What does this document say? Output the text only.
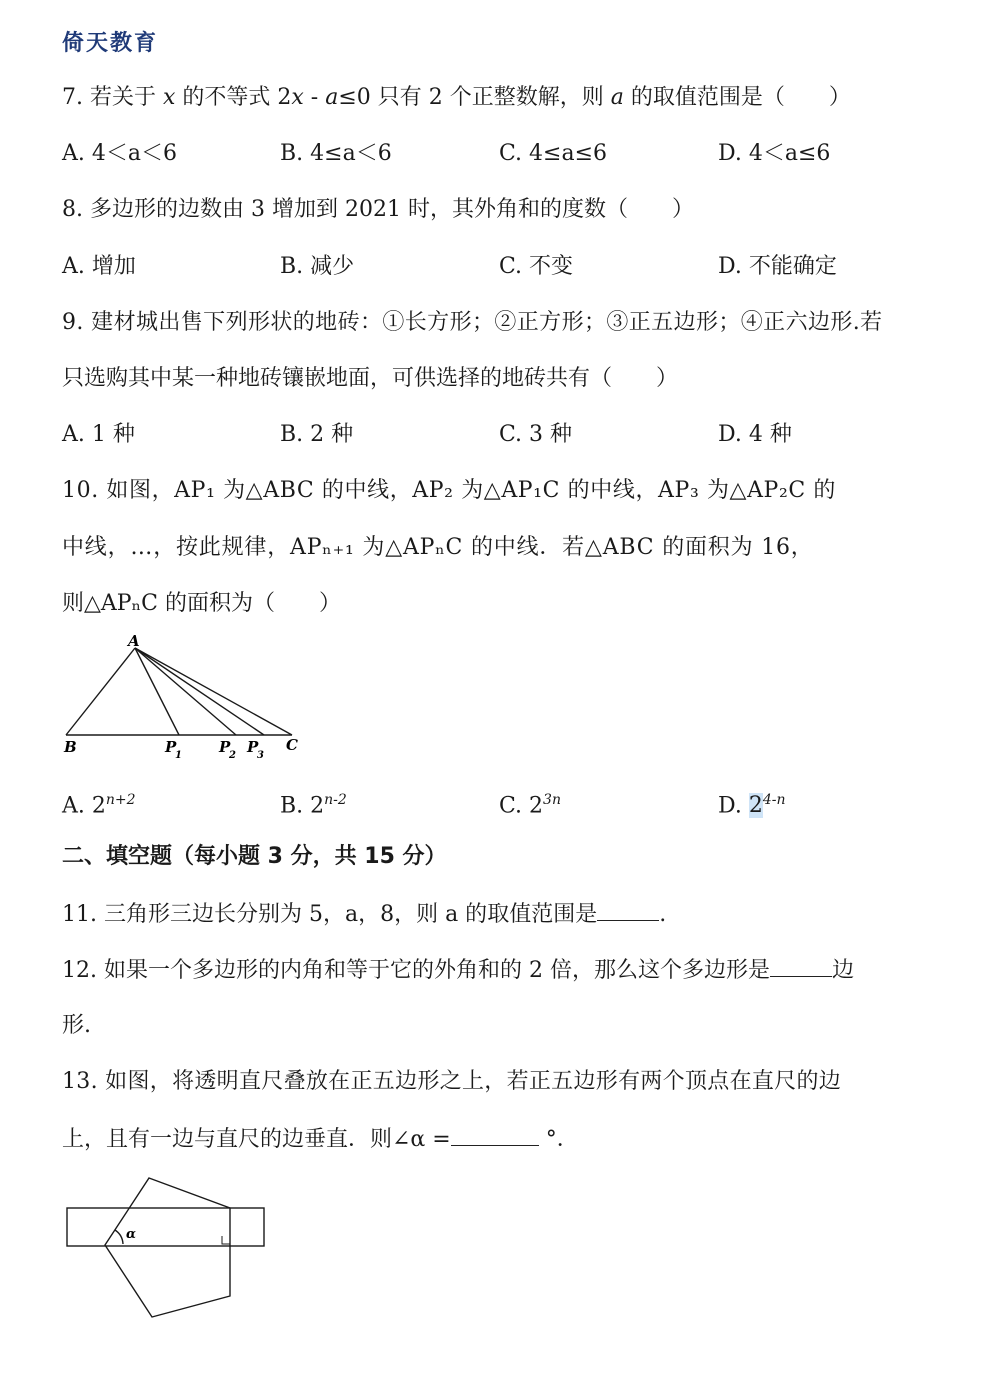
倚天教育
7. 若关于 x 的不等式 2x ‑ a≤0 只有 2 个正整数解，则 a 的取值范围是（　　）
A. 4＜a＜6	B. 4≤a＜6	C. 4≤a≤6	D. 4＜a≤6
8. 多边形的边数由 3 增加到 2021 时，其外角和的度数（　　）
A. 增加	B. 减少	C. 不变	D. 不能确定
9. 建材城出售下列形状的地砖：①长方形；②正方形；③正五边形；④正六边形.若
只选购其中某一种地砖镶嵌地面，可供选择的地砖共有（　　）
A. 1 种	B. 2 种	C. 3 种	D. 4 种
10. 如图，AP₁ 为△ABC 的中线，AP₂ 为△AP₁C 的中线，AP₃ 为△AP₂C 的
中线，…，按此规律，APₙ₊₁ 为△APₙC 的中线．若△ABC 的面积为 16，
则△APₙC 的面积为（　　）
A
B	C
P
1 P
2 P
3
A. $2^{n+2}$	B. 2$^{n-2}$	C. $2^{3n}$	D. 2$^{4-n}$
二、填空题（每小题 3 分，共 15 分）
11. 三角形三边长分别为 5，a，8，则 a 的取值范围是	.
12. 如果一个多边形的内角和等于它的外角和的 2 倍，那么这个多边形是	边
形.
13. 如图，将透明直尺叠放在正五边形之上，若正五边形有两个顶点在直尺的边
上，且有一边与直尺的边垂直．则∠α =	°．
α
